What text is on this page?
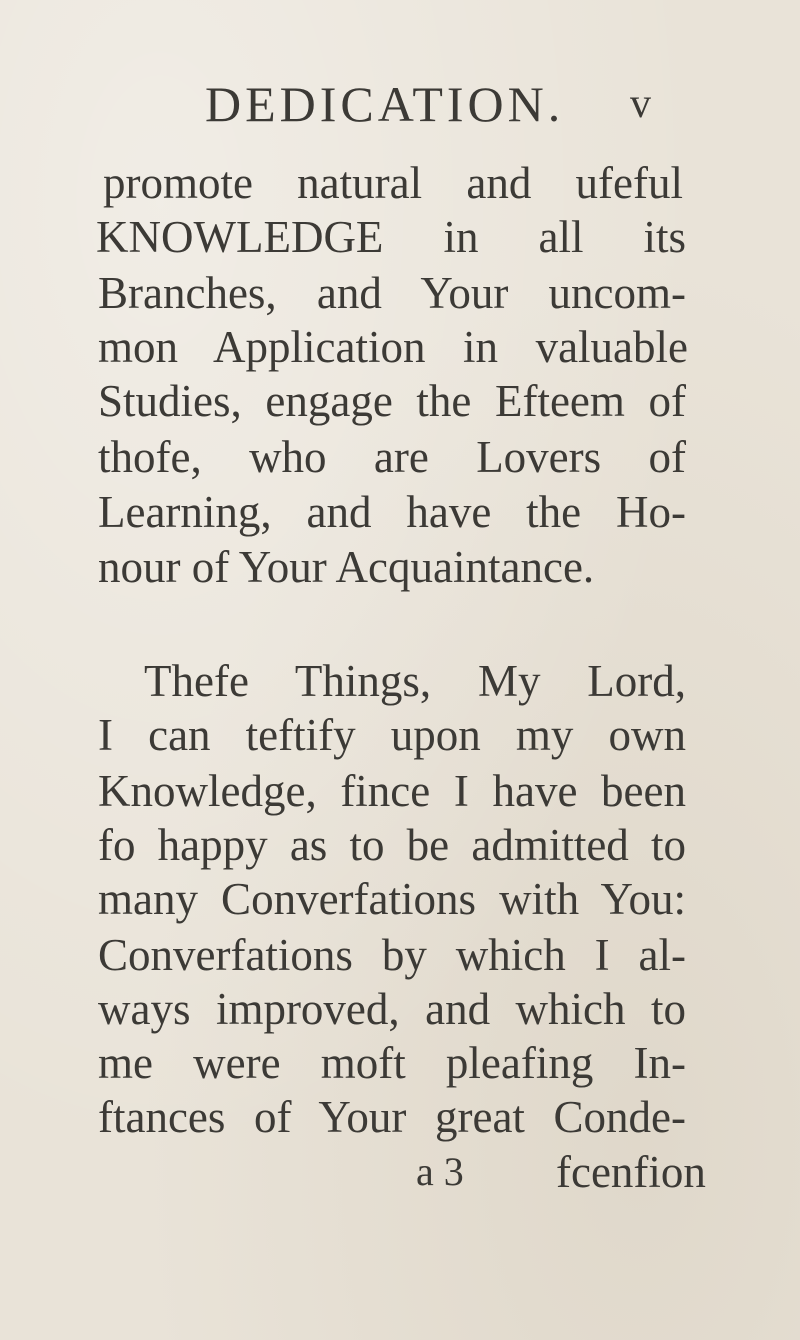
DEDICATION. v
promote natural and ufeful
KNOWLEDGE in all its
Branches, and Your uncom-
mon Application in valuable
Studies, engage the Efteem of
thofe, who are Lovers of
Learning, and have the Ho-
nour of Your Acquaintance.
Thefe Things, My Lord,
I can teftify upon my own
Knowledge, fince I have been
fo happy as to be admitted to
many Converfations with You:
Converfations by which I al-
ways improved, and which to
me were moft pleafing In-
ftances of Your great Conde-
a 3 fcenfion
